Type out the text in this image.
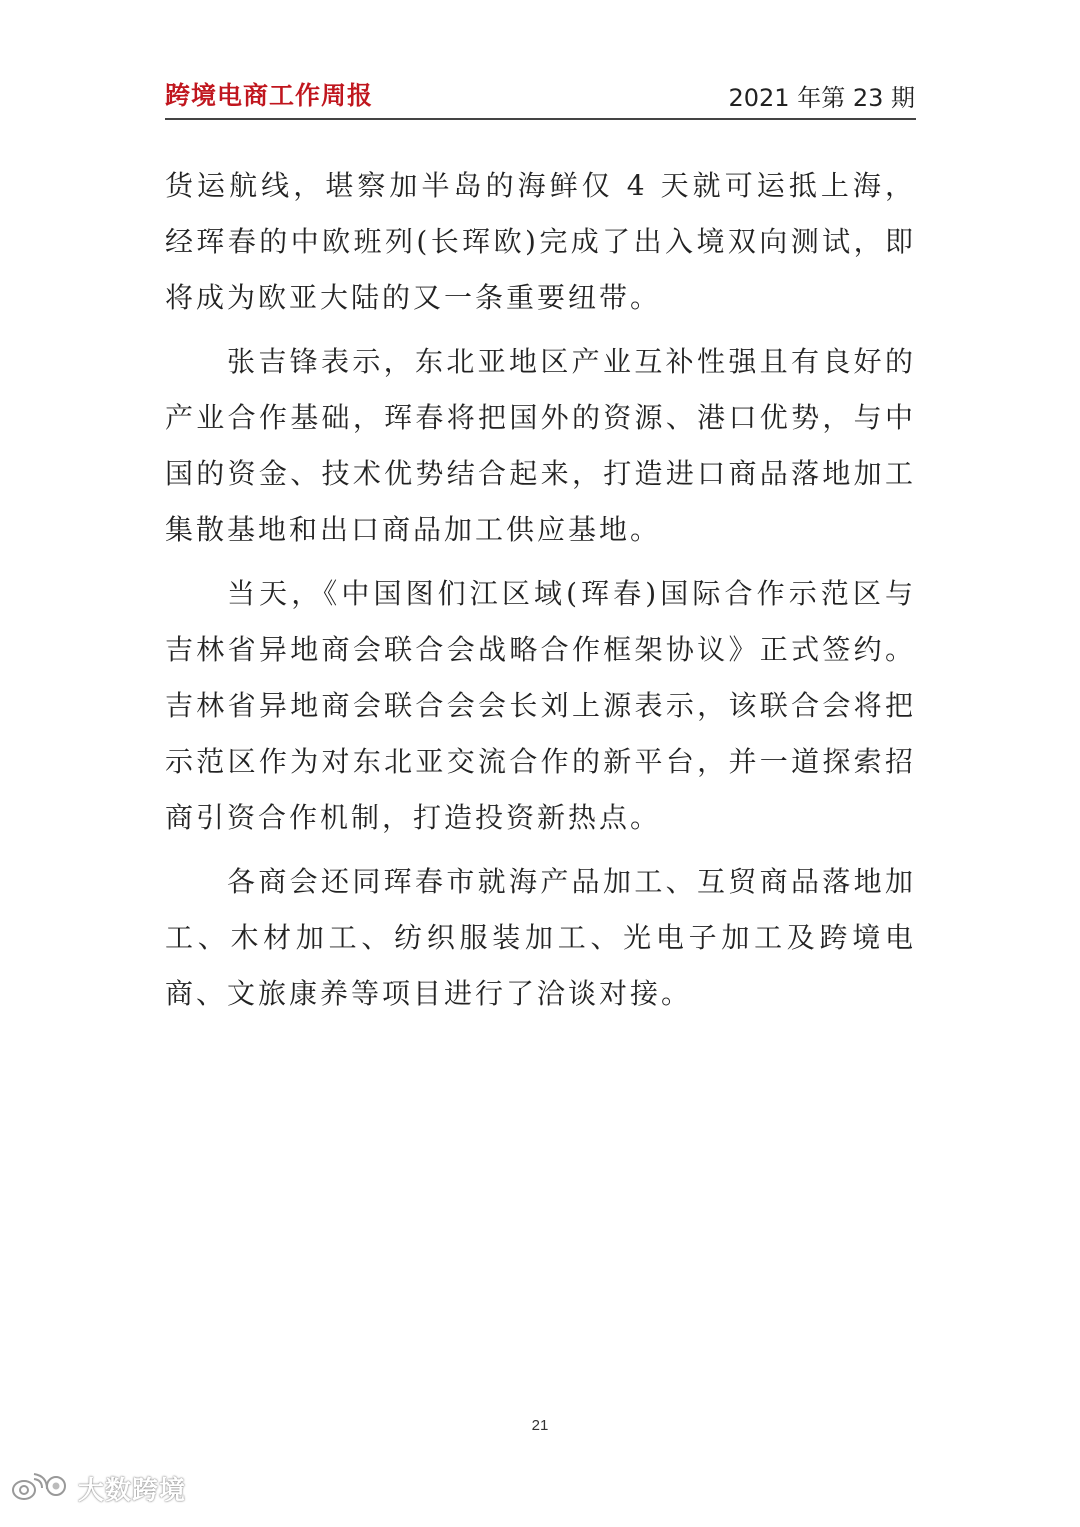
跨境电商工作周报	2021 年第 23 期

货运航线，堪察加半岛的海鲜仅 4 天就可运抵上海，经珲春的中欧班列(长珲欧)完成了出入境双向测试，即将成为欧亚大陆的又一条重要纽带。

张吉锋表示，东北亚地区产业互补性强且有良好的产业合作基础，珲春将把国外的资源、港口优势，与中国的资金、技术优势结合起来，打造进口商品落地加工集散基地和出口商品加工供应基地。

当天，《中国图们江区域(珲春)国际合作示范区与吉林省异地商会联合会战略合作框架协议》正式签约。吉林省异地商会联合会会长刘上源表示，该联合会将把示范区作为对东北亚交流合作的新平台，并一道探索招商引资合作机制，打造投资新热点。

各商会还同珲春市就海产品加工、互贸商品落地加工、木材加工、纺织服装加工、光电子加工及跨境电商、文旅康养等项目进行了洽谈对接。

21
大数跨境
